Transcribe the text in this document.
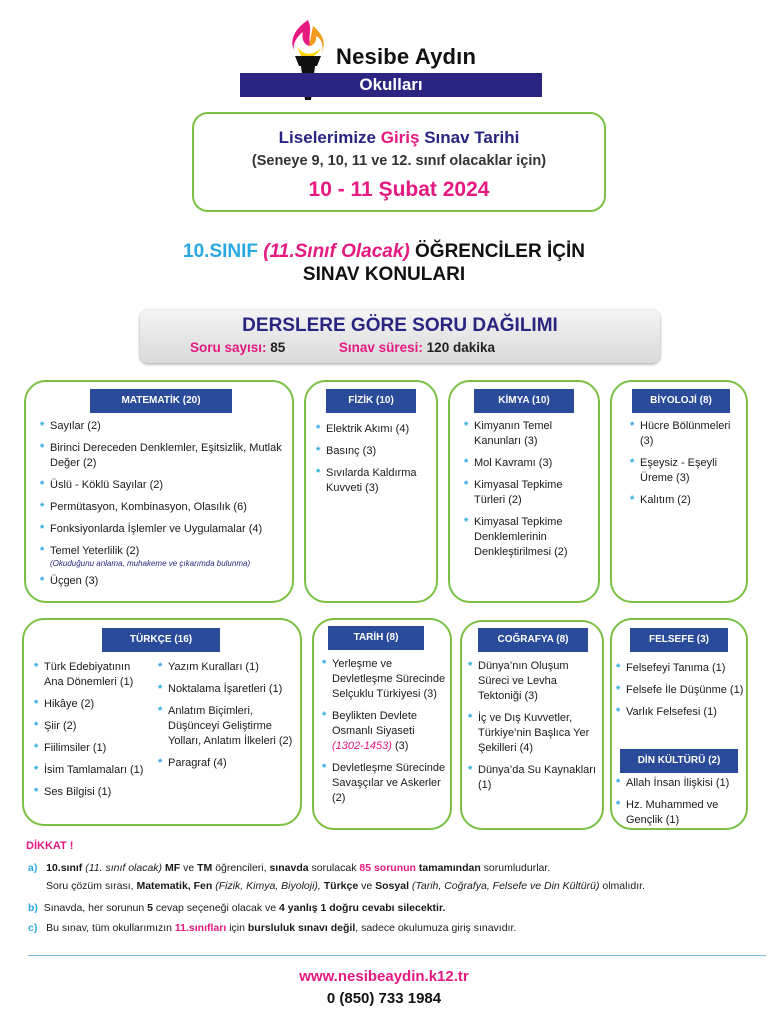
Nesibe Aydın
Okulları
Liselerimize Giriş Sınav Tarihi
(Seneye 9, 10, 11 ve 12. sınıf olacaklar için)
10 - 11 Şubat 2024
10.SINIF (11.Sınıf Olacak) ÖĞRENCİLER İÇİN
SINAV KONULARI
DERSLERE GÖRE SORU DAĞILIMI
Soru sayısı: 85	Sınav süresi: 120 dakika
MATEMATİK (20)
* Sayılar (2)
* Birinci Dereceden Denklemler, Eşitsizlik, Mutlak Değer (2)
* Üslü - Köklü Sayılar (2)
* Permütasyon, Kombinasyon, Olasılık (6)
* Fonksiyonlarda İşlemler ve Uygulamalar (4)
* Temel Yeterlilik (2)
(Okuduğunu anlama, muhakeme ve çıkarımda bulunma)
* Üçgen (3)
FİZİK (10)
* Elektrik Akımı (4)
* Basınç (3)
* Sıvılarda Kaldırma Kuvveti (3)
KİMYA (10)
* Kimyanın Temel Kanunları (3)
* Mol Kavramı (3)
* Kimyasal Tepkime Türleri (2)
* Kimyasal Tepkime Denklemlerinin Denkleştirilmesi (2)
BİYOLOJİ (8)
* Hücre Bölünmeleri (3)
* Eşeysiz - Eşeyli Üreme (3)
* Kalıtım (2)
TÜRKÇE (16)
* Türk Edebiyatının Ana Dönemleri (1)
* Hikâye (2)
* Şiir (2)
* Fiilimsiler (1)
* İsim Tamlamaları (1)
* Ses Bilgisi (1)
* Yazım Kuralları (1)
* Noktalama İşaretleri (1)
* Anlatım Biçimleri, Düşünceyi Geliştirme Yolları, Anlatım İlkeleri (2)
* Paragraf (4)
TARİH (8)
* Yerleşme ve Devletleşme Sürecinde Selçuklu Türkiyesi (3)
* Beylikten Devlete Osmanlı Siyaseti (1302-1453) (3)
* Devletleşme Sürecinde Savaşçılar ve Askerler (2)
COĞRAFYA (8)
* Dünya’nın Oluşum Süreci ve Levha Tektoniği (3)
* İç ve Dış Kuvvetler, Türkiye’nin Başlıca Yer Şekilleri (4)
* Dünya’da Su Kaynakları (1)
FELSEFE (3)
* Felsefeyi Tanıma (1)
* Felsefe İle Düşünme (1)
* Varlık Felsefesi (1)
DİN KÜLTÜRÜ (2)
* Allah İnsan İlişkisi (1)
* Hz. Muhammed ve Gençlik (1)
DİKKAT !
a) 10.sınıf (11. sınıf olacak) MF ve TM öğrencileri, sınavda sorulacak 85 sorunun tamamından sorumludurlar.
Soru çözüm sırası, Matematik, Fen (Fizik, Kimya, Biyoloji), Türkçe ve Sosyal (Tarih, Coğrafya, Felsefe ve Din Kültürü) olmalıdır.
b) Sınavda, her sorunun 5 cevap seçeneği olacak ve 4 yanlış 1 doğru cevabı silecektir.
c) Bu sınav, tüm okullarımızın 11.sınıfları için bursluluk sınavı değil, sadece okulumuza giriş sınavıdır.
www.nesibeaydin.k12.tr
0 (850) 733 1984
